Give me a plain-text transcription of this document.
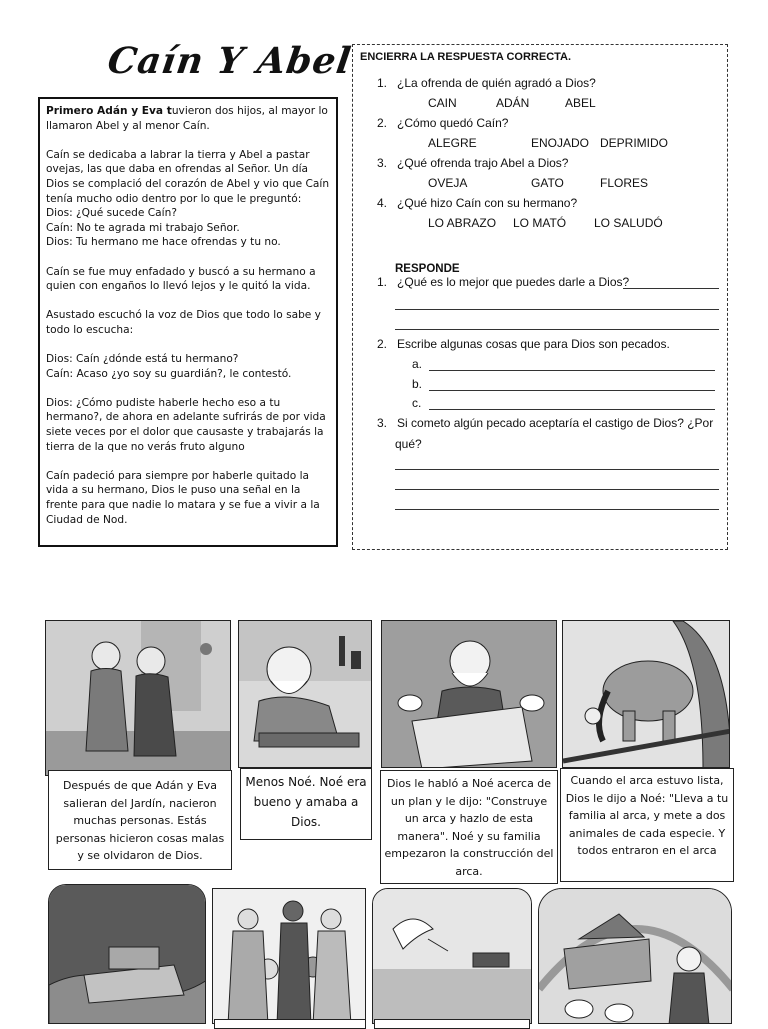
Caín Y Abel

Primero Adán y Eva tuvieron dos hijos, al mayor lo llamaron Abel y al menor Caín.

Caín se dedicaba a labrar la tierra y Abel a pastar ovejas, las que daba en ofrendas al Señor. Un día Dios se complació del corazón de Abel y vio que Caín tenía mucho odio dentro por lo que le preguntó:
Dios: ¿Qué sucede Caín?
Caín: No te agrada mi trabajo Señor.
Dios: Tu hermano me hace ofrendas y tu no.

Caín se fue muy enfadado y buscó a su hermano a quien con engaños lo llevó lejos y le quitó la vida.

Asustado escuchó la voz de Dios que todo lo sabe y todo lo escucha:

Dios: Caín ¿dónde está tu hermano?
Caín: Acaso ¿yo soy su guardián?, le contestó.

Dios: ¿Cómo pudiste haberle hecho eso a tu hermano?, de ahora en adelante sufrirás de por vida siete veces por el dolor que causaste y trabajarás la tierra de la que no verás fruto alguno

Caín padeció para siempre por haberle quitado la vida a su hermano, Dios le puso una señal en la frente para que nadie lo matara y se fue a vivir a la Ciudad de Nod.

ENCIERRA LA RESPUESTA CORRECTA.
1. ¿La ofrenda de quién agradó a Dios?
CAIN	ADÁN	ABEL
2. ¿Cómo quedó Caín?
ALEGRE	ENOJADO DEPRIMIDO
3. ¿Qué ofrenda trajo Abel a Dios?
OVEJA	GATO	FLORES
4. ¿Qué hizo Caín con su hermano?
LO ABRAZO LO MATÓ LO SALUDÓ
RESPONDE
1. ¿Qué es lo mejor que puedes darle a Dios?
2. Escribe algunas cosas que para Dios son pecados.
a.
b.
c.
3. Si cometo algún pecado aceptaría el castigo de Dios? ¿Por
qué?
Después de que Adán y Eva salieran del Jardín, nacieron muchas personas. Estás personas hicieron cosas malas y se olvidaron de Dios.
Menos Noé. Noé era bueno y amaba a Dios.
Dios le habló a Noé acerca de un plan y le dijo: "Construye un arca y hazlo de esta manera". Noé y su familia empezaron la construcción del arca.
Cuando el arca estuvo lista, Dios le dijo a Noé: "Lleva a tu familia al arca, y mete a dos animales de cada especie. Y todos entraron en el arca
